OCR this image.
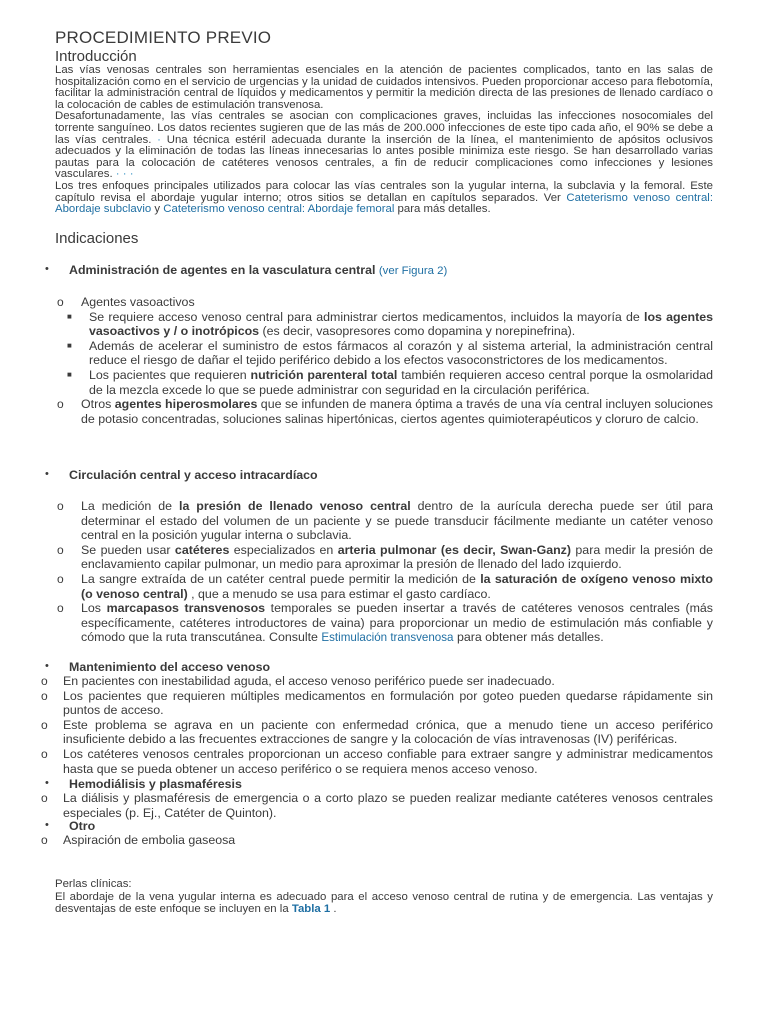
PROCEDIMIENTO PREVIO
Introducción

Las vías venosas centrales son herramientas esenciales en la atención de pacientes complicados, tanto en las salas de hospitalización como en el servicio de urgencias y la unidad de cuidados intensivos. Pueden proporcionar acceso para flebotomía, facilitar la administración central de líquidos y medicamentos y permitir la medición directa de las presiones de llenado cardíaco o la colocación de cables de estimulación transvenosa.

Desafortunadamente, las vías centrales se asocian con complicaciones graves, incluidas las infecciones nosocomiales del torrente sanguíneo. Los datos recientes sugieren que de las más de 200.000 infecciones de este tipo cada año, el 90% se debe a las vías centrales. · Una técnica estéril adecuada durante la inserción de la línea, el mantenimiento de apósitos oclusivos adecuados y la eliminación de todas las líneas innecesarias lo antes posible minimiza este riesgo. Se han desarrollado varias pautas para la colocación de catéteres venosos centrales, a fin de reducir complicaciones como infecciones y lesiones vasculares. · · ·

Los tres enfoques principales utilizados para colocar las vías centrales son la yugular interna, la subclavia y la femoral. Este capítulo revisa el abordaje yugular interno; otros sitios se detallan en capítulos separados. Ver Cateterismo venoso central: Abordaje subclavio y Cateterismo venoso central: Abordaje femoral para más detalles.

Indicaciones
• Administración de agentes en la vasculatura central (ver Figura 2)
o Agentes vasoactivos
■ Se requiere acceso venoso central para administrar ciertos medicamentos, incluidos la mayoría de los agentes vasoactivos y / o inotrópicos (es decir, vasopresores como dopamina y norepinefrina).
■ Además de acelerar el suministro de estos fármacos al corazón y al sistema arterial, la administración central reduce el riesgo de dañar el tejido periférico debido a los efectos vasoconstrictores de los medicamentos.
■ Los pacientes que requieren nutrición parenteral total también requieren acceso central porque la osmolaridad de la mezcla excede lo que se puede administrar con seguridad en la circulación periférica.
o Otros agentes hiperosmolares que se infunden de manera óptima a través de una vía central incluyen soluciones de potasio concentradas, soluciones salinas hipertónicas, ciertos agentes quimioterapéuticos y cloruro de calcio.
• Circulación central y acceso intracardíaco
o La medición de la presión de llenado venoso central dentro de la aurícula derecha puede ser útil para determinar el estado del volumen de un paciente y se puede transducir fácilmente mediante un catéter venoso central en la posición yugular interna o subclavia.
o Se pueden usar catéteres especializados en arteria pulmonar (es decir, Swan-Ganz) para medir la presión de enclavamiento capilar pulmonar, un medio para aproximar la presión de llenado del lado izquierdo.
o La sangre extraída de un catéter central puede permitir la medición de la saturación de oxígeno venoso mixto (o venoso central) , que a menudo se usa para estimar el gasto cardíaco.
o Los marcapasos transvenosos temporales se pueden insertar a través de catéteres venosos centrales (más específicamente, catéteres introductores de vaina) para proporcionar un medio de estimulación más confiable y cómodo que la ruta transcutánea. Consulte Estimulación transvenosa para obtener más detalles.
• Mantenimiento del acceso venoso
o En pacientes con inestabilidad aguda, el acceso venoso periférico puede ser inadecuado.
o Los pacientes que requieren múltiples medicamentos en formulación por goteo pueden quedarse rápidamente sin puntos de acceso.
o Este problema se agrava en un paciente con enfermedad crónica, que a menudo tiene un acceso periférico insuficiente debido a las frecuentes extracciones de sangre y la colocación de vías intravenosas (IV) periféricas.
o Los catéteres venosos centrales proporcionan un acceso confiable para extraer sangre y administrar medicamentos hasta que se pueda obtener un acceso periférico o se requiera menos acceso venoso.
• Hemodiálisis y plasmaféresis
o La diálisis y plasmaféresis de emergencia o a corto plazo se pueden realizar mediante catéteres venosos centrales especiales (p. Ej., Catéter de Quinton).
• Otro
o Aspiración de embolia gaseosa
Perlas clínicas:
El abordaje de la vena yugular interna es adecuado para el acceso venoso central de rutina y de emergencia. Las ventajas y desventajas de este enfoque se incluyen en la Tabla 1 .
